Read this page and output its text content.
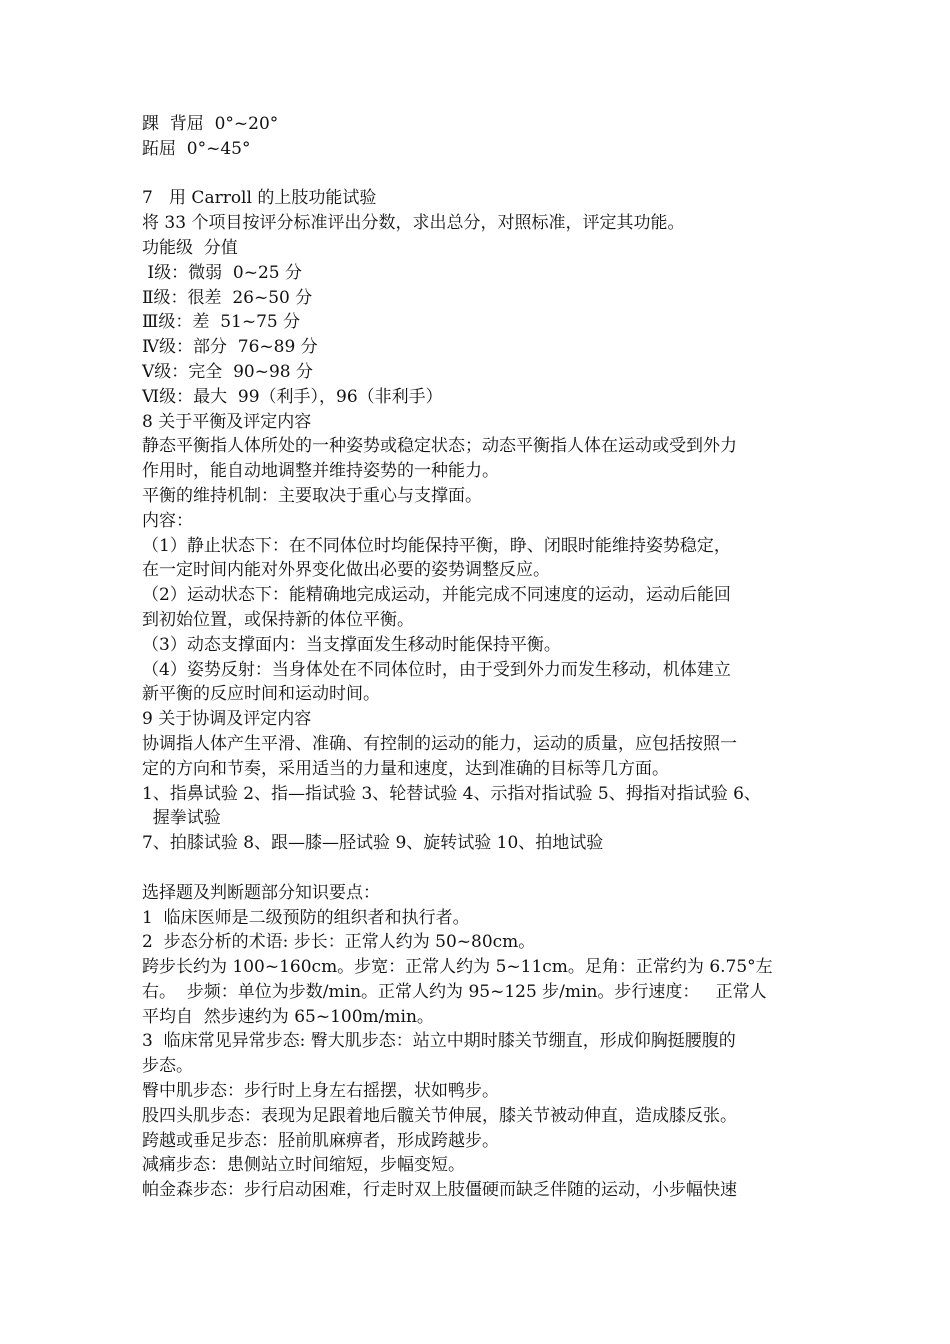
踝  背屈  0°~20°
跖屈  0°~45°
7   用 Carroll 的上肢功能试验
将 33 个项目按评分标准评出分数，求出总分，对照标准，评定其功能。
功能级  分值
Ⅰ级：微弱  0~25 分
Ⅱ级：很差  26~50 分
Ⅲ级：差  51~75 分
Ⅳ级：部分  76~89 分
Ⅴ级：完全  90~98 分
Ⅵ级：最大  99（利手），96（非利手）
8 关于平衡及评定内容
静态平衡指人体所处的一种姿势或稳定状态；动态平衡指人体在运动或受到外力
作用时，能自动地调整并维持姿势的一种能力。
平衡的维持机制：主要取决于重心与支撑面。
内容：
（1）静止状态下：在不同体位时均能保持平衡，睁、闭眼时能维持姿势稳定，
在一定时间内能对外界变化做出必要的姿势调整反应。
（2）运动状态下：能精确地完成运动，并能完成不同速度的运动，运动后能回
到初始位置，或保持新的体位平衡。
（3）动态支撑面内：当支撑面发生移动时能保持平衡。
（4）姿势反射：当身体处在不同体位时，由于受到外力而发生移动，机体建立
新平衡的反应时间和运动时间。
9 关于协调及评定内容
协调指人体产生平滑、准确、有控制的运动的能力，运动的质量，应包括按照一
定的方向和节奏，采用适当的力量和速度，达到准确的目标等几方面。
1、指鼻试验 2、指—指试验 3、轮替试验 4、示指对指试验 5、拇指对指试验 6、
握拳试验
7、拍膝试验 8、跟—膝—胫试验 9、旋转试验 10、拍地试验
选择题及判断题部分知识要点：
1  临床医师是二级预防的组织者和执行者。
2  步态分析的术语: 步长：正常人约为 50~80cm。
跨步长约为 100~160cm。步宽：正常人约为 5~11cm。足角：正常约为 6.75°左
右。  步频：单位为步数/min。正常人约为 95~125 步/min。步行速度：   正常人
平均自  然步速约为 65~100m/min。
3  临床常见异常步态: 臀大肌步态：站立中期时膝关节绷直，形成仰胸挺腰腹的
步态。
臀中肌步态：步行时上身左右摇摆，状如鸭步。
股四头肌步态：表现为足跟着地后髋关节伸展，膝关节被动伸直，造成膝反张。
跨越或垂足步态：胫前肌麻痹者，形成跨越步。
减痛步态：患侧站立时间缩短，步幅变短。
帕金森步态：步行启动困难，行走时双上肢僵硬而缺乏伴随的运动，小步幅快速
